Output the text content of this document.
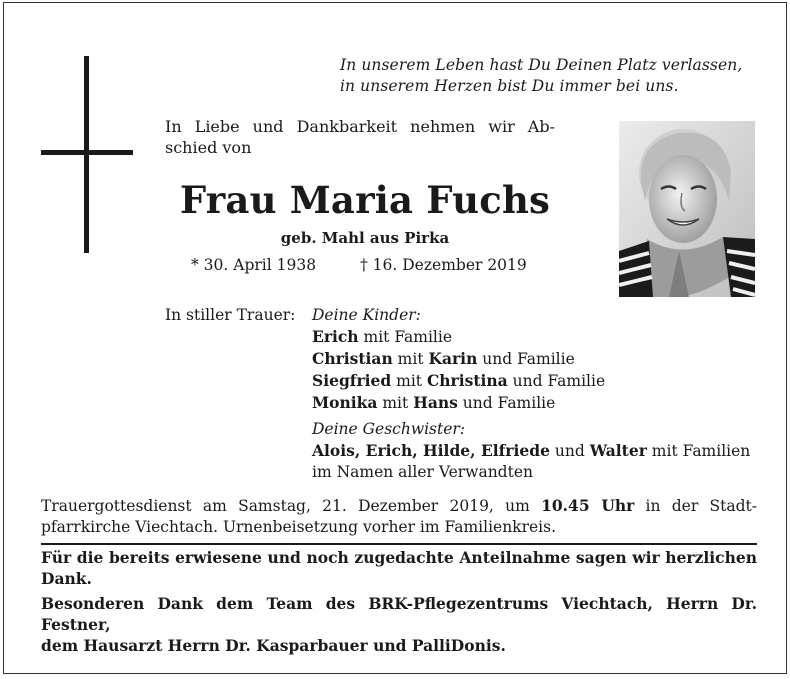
In unserem Leben hast Du Deinen Platz verlassen,
in unserem Herzen bist Du immer bei uns.
In Liebe und Dankbarkeit nehmen wir Ab-
schied von
Frau Maria Fuchs
geb. Mahl aus Pirka
* 30. April 1938	† 16. Dezember 2019
In stiller Trauer: Deine Kinder:
Erich mit Familie
Christian mit Karin und Familie
Siegfried mit Christina und Familie
Monika mit Hans und Familie
Deine Geschwister:
Alois, Erich, Hilde, Elfriede und Walter mit Familien
im Namen aller Verwandten
Trauergottesdienst am Samstag, 21. Dezember 2019, um 10.45 Uhr in der Stadt-
pfarrkirche Viechtach. Urnenbeisetzung vorher im Familienkreis.
Für die bereits erwiesene und noch zugedachte Anteilnahme sagen wir herzlichen
Dank.
Besonderen Dank dem Team des BRK-Pflegezentrums Viechtach, Herrn Dr. Festner,
dem Hausarzt Herrn Dr. Kasparbauer und PalliDonis.
